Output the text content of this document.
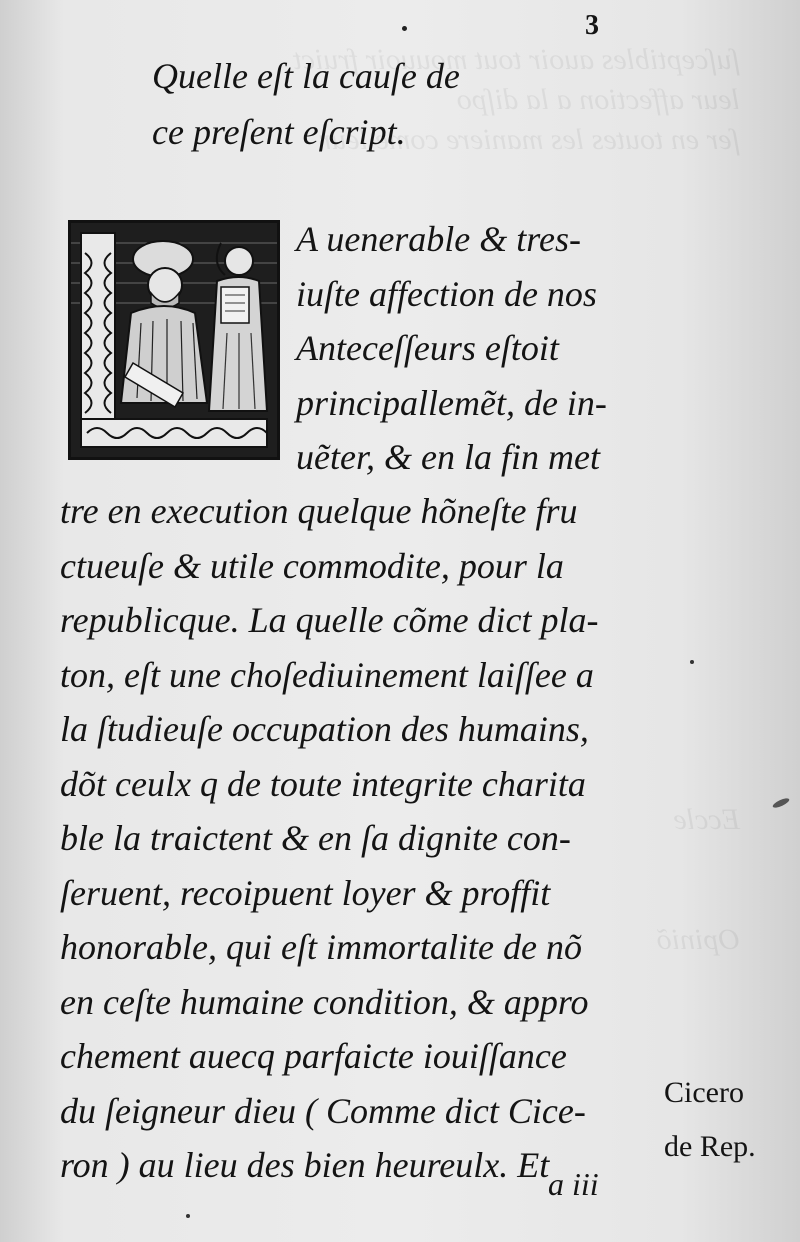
ſuſceptibles auoir tout mouuoir fruict
leur affection a la diſpo
ſer en toutes les maniere come leur

Eccle

Opiniõ

3
Quelle eſt la cauſe de
ce preſent eſcript.
A uenerable & tres-
iuſte affection de nos
Anteceſſeurs eſtoit
principallemẽt, de in-
uẽter, & en la fin met
tre en execution quelque hõneſte fru
ctueuſe & utile commodite, pour la
republicque. La quelle cõme dict pla-
ton, eſt une choſediuinement laiſſee a
la ſtudieuſe occupation des humains,
dõt ceulx q de toute integrite charita
ble la traictent & en ſa dignite con-
ſeruent, recoipuent loyer & proffit
honorable, qui eſt immortalite de nõ
en ceſte humaine condition, & appro
chement auecq parfaicte iouiſſance
du ſeigneur dieu ( Comme dict Cice-
ron ) au lieu des bien heureulx. Et
Cicero
de Rep.
a iii
